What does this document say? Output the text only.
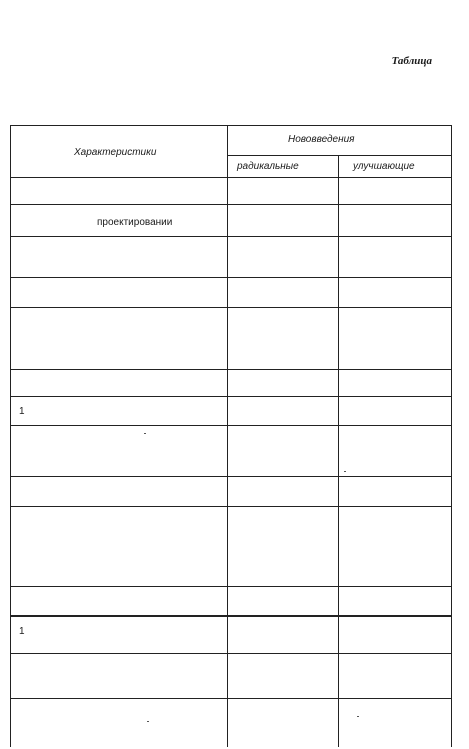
Таблица
Характеристики
Нововведения
радикальные	улучшающие
проектировании
1
1
